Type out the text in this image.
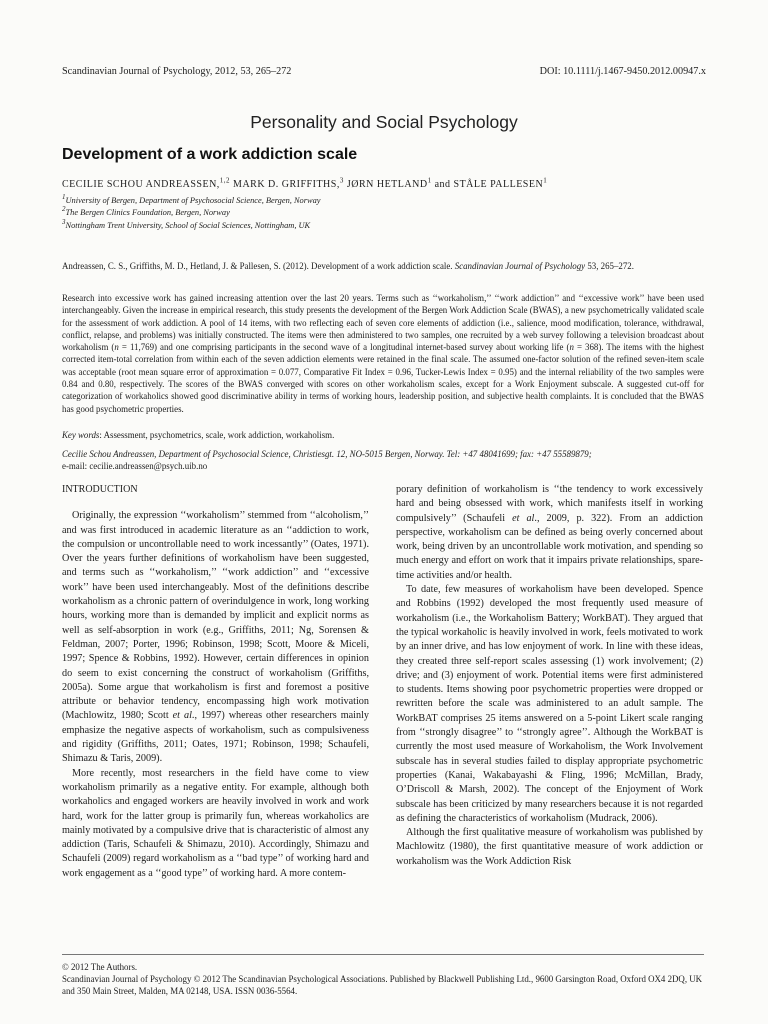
Scandinavian Journal of Psychology, 2012, 53, 265–272	DOI: 10.1111/j.1467-9450.2012.00947.x
Personality and Social Psychology
Development of a work addiction scale
CECILIE SCHOU ANDREASSEN,$^{1,2}$ MARK D. GRIFFITHS,$^3$ JØRN HETLAND$^1$ and STÅLE PALLESEN$^1$
$^1$University of Bergen, Department of Psychosocial Science, Bergen, Norway
$^2$The Bergen Clinics Foundation, Bergen, Norway
$^3$Nottingham Trent University, School of Social Sciences, Nottingham, UK
Andreassen, C. S., Griffiths, M. D., Hetland, J. & Pallesen, S. (2012). Development of a work addiction scale. Scandinavian Journal of Psychology 53, 265–272.
Research into excessive work has gained increasing attention over the last 20 years. Terms such as ‘‘workaholism,’’ ‘‘work addiction’’ and ‘‘excessive work’’ have been used interchangeably. Given the increase in empirical research, this study presents the development of the Bergen Work Addiction Scale (BWAS), a new psychometrically validated scale for the assessment of work addiction. A pool of 14 items, with two reflecting each of seven core elements of addiction (i.e., salience, mood modification, tolerance, withdrawal, conflict, relapse, and problems) was initially constructed. The items were then administered to two samples, one recruited by a web survey following a television broadcast about workaholism (n = 11,769) and one comprising participants in the second wave of a longitudinal internet-based survey about working life (n = 368). The items with the highest corrected item-total correlation from within each of the seven addiction elements were retained in the final scale. The assumed one-factor solution of the refined seven-item scale was acceptable (root mean square error of approximation = 0.077, Comparative Fit Index = 0.96, Tucker-Lewis Index = 0.95) and the internal reliability of the two samples were 0.84 and 0.80, respectively. The scores of the BWAS converged with scores on other workaholism scales, except for a Work Enjoyment subscale. A suggested cut-off for categorization of workaholics showed good discriminative ability in terms of working hours, leadership position, and subjective health complaints. It is concluded that the BWAS has good psychometric properties.
Key words: Assessment, psychometrics, scale, work addiction, workaholism.
Cecilie Schou Andreassen, Department of Psychosocial Science, Christiesgt. 12, NO-5015 Bergen, Norway. Tel: +47 48041699; fax: +47 55589879;
e-mail: cecilie.andreassen@psych.uib.no

INTRODUCTION

Originally, the expression ‘‘workaholism’’ stemmed from ‘‘alcoholism,’’ and was first introduced in academic literature as an ‘‘addiction to work, the compulsion or uncontrollable need to work incessantly’’ (Oates, 1971). Over the years further definitions of workaholism have been suggested, and terms such as ‘‘workaholism,’’ ‘‘work addiction’’ and ‘‘excessive work’’ have been used interchangeably. Most of the definitions describe workaholism as a chronic pattern of overindulgence in work, long working hours, working more than is demanded by implicit and explicit norms as well as self-absorption in work (e.g., Griffiths, 2011; Ng, Sorensen & Feldman, 2007; Porter, 1996; Robinson, 1998; Scott, Moore & Miceli, 1997; Spence & Robbins, 1992). However, certain differences in opinion do seem to exist concerning the construct of workaholism (Griffiths, 2005a). Some argue that workaholism is first and foremost a positive attribute or behavior tendency, encompassing high work motivation (Machlowitz, 1980; Scott et al., 1997) whereas other researchers mainly emphasize the negative aspects of workaholism, such as compulsiveness and rigidity (Griffiths, 2011; Oates, 1971; Robinson, 1998; Schaufeli, Shimazu & Taris, 2009).

More recently, most researchers in the field have come to view workaholism primarily as a negative entity. For example, although both workaholics and engaged workers are heavily involved in work and work hard, work for the latter group is primarily fun, whereas workaholics are mainly motivated by a compulsive drive that is characteristic of almost any addiction (Taris, Schaufeli & Shimazu, 2010). Accordingly, Shimazu and Schaufeli (2009) regard workaholism as a ‘‘bad type’’ of working hard and work engagement as a ‘‘good type’’ of working hard. A more contem-

porary definition of workaholism is ‘‘the tendency to work excessively hard and being obsessed with work, which manifests itself in working compulsively’’ (Schaufeli et al., 2009, p. 322). From an addiction perspective, workaholism can be defined as being overly concerned about work, being driven by an uncontrollable work motivation, and spending so much energy and effort on work that it impairs private relationships, spare-time activities and/or health.

To date, few measures of workaholism have been developed. Spence and Robbins (1992) developed the most frequently used measure of workaholism (i.e., the Workaholism Battery; WorkBAT). They argued that the typical workaholic is heavily involved in work, feels motivated to work by an inner drive, and has low enjoyment of work. In line with these ideas, they created three self-report scales assessing (1) work involvement; (2) drive; and (3) enjoyment of work. Potential items were first administered to students. Items showing poor psychometric properties were dropped or rewritten before the scale was administered to an adult sample. The WorkBAT comprises 25 items answered on a 5-point Likert scale ranging from ‘‘strongly disagree’’ to ‘‘strongly agree’’. Although the WorkBAT is currently the most used measure of Workaholism, the Work Involvement subscale has in several studies failed to display appropriate psychometric properties (Kanai, Wakabayashi & Fling, 1996; McMillan, Brady, O’Driscoll & Marsh, 2002). The concept of the Enjoyment of Work subscale has been criticized by many researchers because it is not regarded as defining the characteristics of workaholism (Mudrack, 2006).

Although the first qualitative measure of workaholism was published by Machlowitz (1980), the first quantitative measure of work addiction or workaholism was the Work Addiction Risk

© 2012 The Authors.
Scandinavian Journal of Psychology © 2012 The Scandinavian Psychological Associations. Published by Blackwell Publishing Ltd., 9600 Garsington Road, Oxford OX4 2DQ, UK and 350 Main Street, Malden, MA 02148, USA. ISSN 0036-5564.
